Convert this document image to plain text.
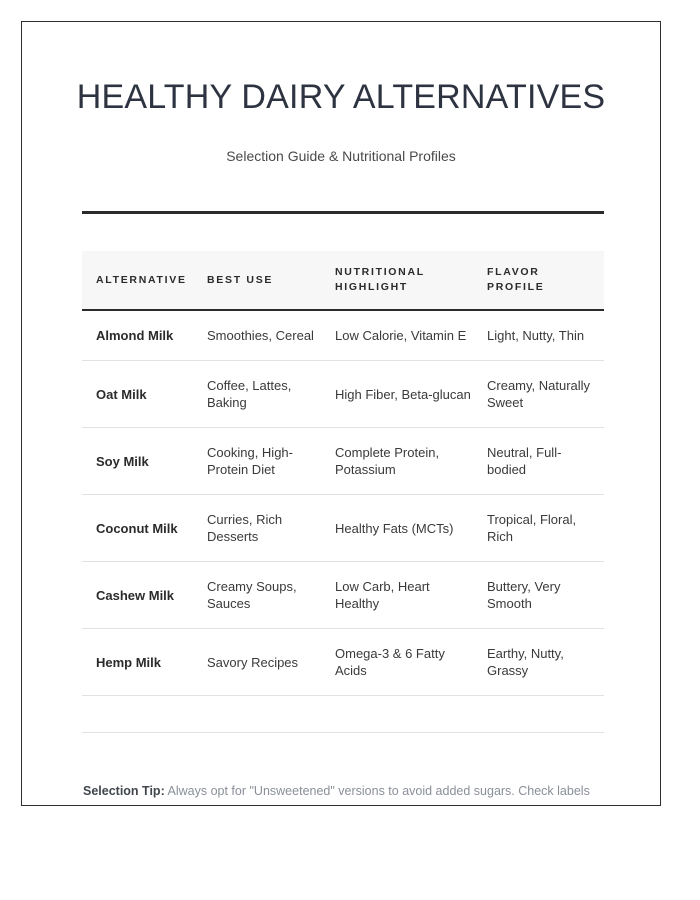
HEALTHY DAIRY ALTERNATIVES
Selection Guide & Nutritional Profiles
ALTERNATIVE	BEST USE	NUTRITIONAL HIGHLIGHT	FLAVOR PROFILE
Almond Milk	Smoothies, Cereal	Low Calorie, Vitamin E	Light, Nutty, Thin
Oat Milk	Coffee, Lattes, Baking	High Fiber, Beta-glucan	Creamy, Naturally Sweet
Soy Milk	Cooking, High-Protein Diet	Complete Protein, Potassium	Neutral, Full-bodied
Coconut Milk	Curries, Rich Desserts	Healthy Fats (MCTs)	Tropical, Floral, Rich
Cashew Milk	Creamy Soups, Sauces	Low Carb, Heart Healthy	Buttery, Very Smooth
Hemp Milk	Savory Recipes	Omega-3 & 6 Fatty Acids	Earthy, Nutty, Grassy

Selection Tip: Always opt for "Unsweetened" versions to avoid added sugars. Check labels
